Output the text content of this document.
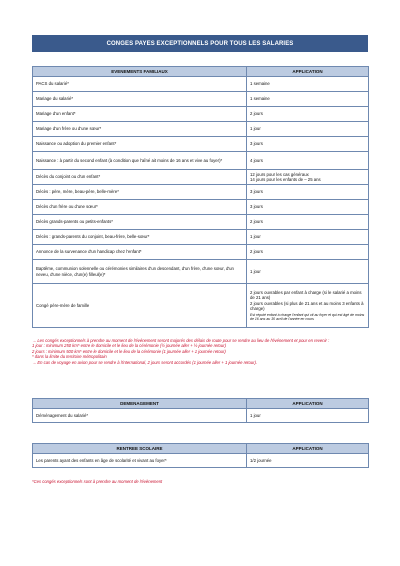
CONGES PAYES EXCEPTIONNELS POUR TOUS LES SALARIES
EVENEMENTS FAMILIAUX	APPLICATION
PACS du salarié*	1 semaine
Mariage du salarié*	1 semaine
Mariage d'un enfant*	2 jours
Mariage d'un frère ou d'une sœur*	1 jour
Naissance ou adoption du premier enfant*	3 jours
Naissance : à partir du second enfant (à condition que l'aîné ait moins de 16 ans et vive au foyer)*	4 jours
Décès du conjoint ou d'un enfant*	12 jours pour les cas généraux
14 jours pour les enfants de – 25 ans
Décès : père, mère, beau-père, belle-mère*	3 jours
Décès d'un frère ou d'une sœur*	3 jours
Décès grands-parents ou petits-enfants*	2 jours
Décès : grands-parents du conjoint, beau-frère, belle-sœur*	1 jour
Annonce de la survenance d'un handicap chez l'enfant*	2 jours
Baptême, communion solennelle ou cérémonies similaires d'un descendant, d'un frère, d'une sœur, d'un neveu, d'une nièce, d'un(e) filleul(e)*	1 jour
Congé père-mère de famille	2 jours ouvrables par enfant à charge (si le salarié a moins de 21 ans)
2 jours ouvrables (si plus de 21 ans et au moins 3 enfants à charge)
Est réputé enfant à charge l'enfant qui vit au foyer et qui est âgé de moins de 16 ans au 30 avril de l'année en cours

→ Les congés exceptionnels à prendre au moment de l'événement seront majorés des délais de route pour se rendre au lieu de l'événement et pour en revenir :

1 jour : minimum 250 km* entre le domicile et le lieu de la cérémonie (½ journée aller + ½ journée retour)

2 jours : minimum 500 km* entre le domicile et le lieu de la cérémonie (1 journée aller + 1 journée retour)

* dans la limite du territoire métropolitain

→ En cas de voyage en avion pour se rendre à l'international, 2 jours seront accordés (1 journée aller + 1 journée retour).

DEMENAGEMENT	APPLICATION
Déménagement du salarié*	1 jour
RENTREE SCOLAIRE	APPLICATION
Les parents ayant des enfants en âge de scolarité et vivant au foyer*	1/2 journée
*Ces congés exceptionnels sont à prendre au moment de l'évènement
